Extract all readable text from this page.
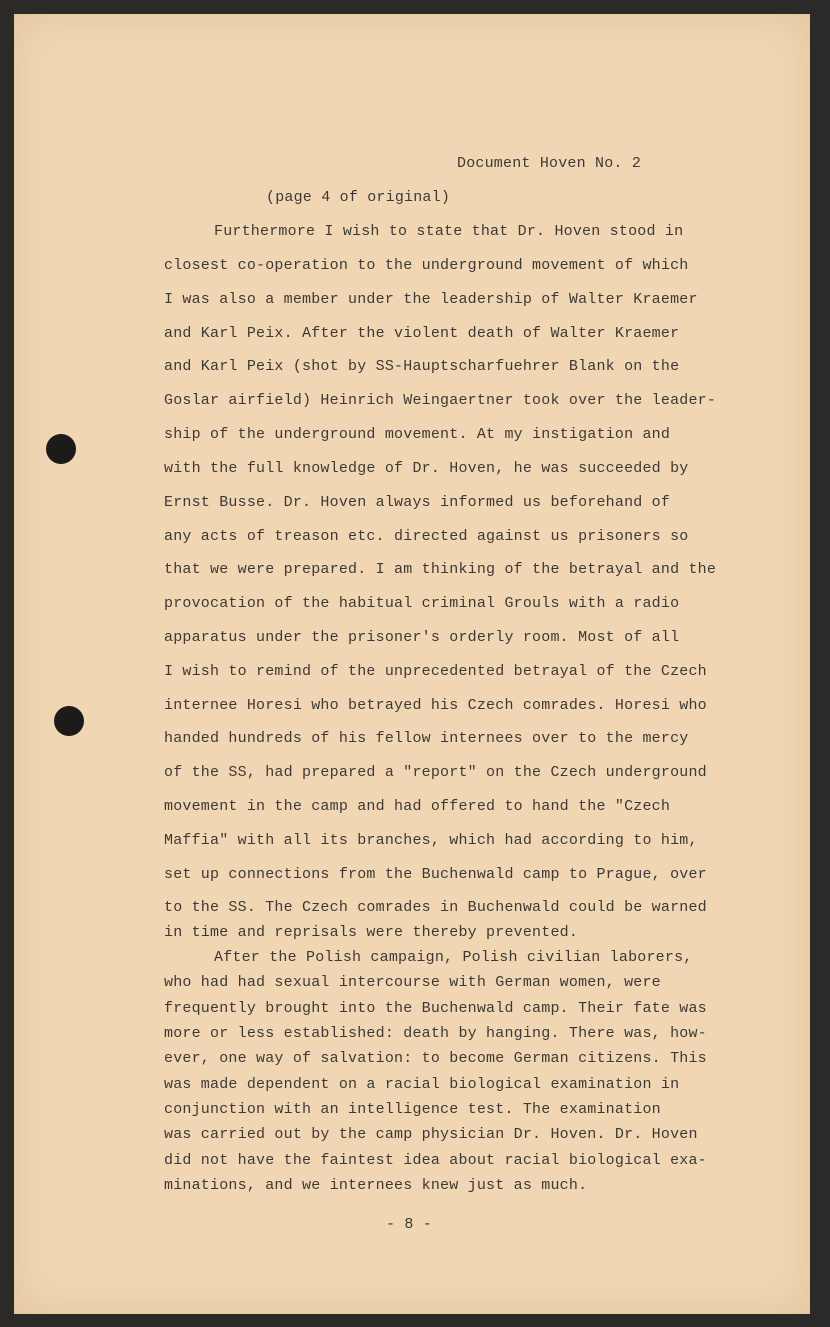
Document Hoven No. 2
(page 4 of original)
Furthermore I wish to state that Dr. Hoven stood in
closest co-operation to the underground movement of which
I was also a member under the leadership of Walter Kraemer
and Karl Peix. After the violent death of Walter Kraemer
and Karl Peix (shot by SS-Hauptscharfuehrer Blank on the
Goslar airfield) Heinrich Weingaertner took over the leader-
ship of the underground movement. At my instigation and
with the full knowledge of Dr. Hoven, he was succeeded by
Ernst Busse. Dr. Hoven always informed us beforehand of
any acts of treason etc. directed against us prisoners so
that we were prepared. I am thinking of the betrayal and the
provocation of the habitual criminal Grouls with a radio
apparatus under the prisoner's orderly room. Most of all
I wish to remind of the unprecedented betrayal of the Czech
internee Horesi who betrayed his Czech comrades. Horesi who
handed hundreds of his fellow internees over to the mercy
of the SS, had prepared a "report" on the Czech underground
movement in the camp and had offered to hand the "Czech
Maffia" with all its branches, which had according to him,
set up connections from the Buchenwald camp to Prague, over
to the SS. The Czech comrades in Buchenwald could be warned
in time and reprisals were thereby prevented.
After the Polish campaign, Polish civilian laborers,
who had had sexual intercourse with German women, were
frequently brought into the Buchenwald camp. Their fate was
more or less established: death by hanging. There was, how-
ever, one way of salvation: to become German citizens. This
was made dependent on a racial biological examination in
conjunction with an intelligence test. The examination
was carried out by the camp physician Dr. Hoven. Dr. Hoven
did not have the faintest idea about racial biological exa-
minations, and we internees knew just as much.
- 8 -
